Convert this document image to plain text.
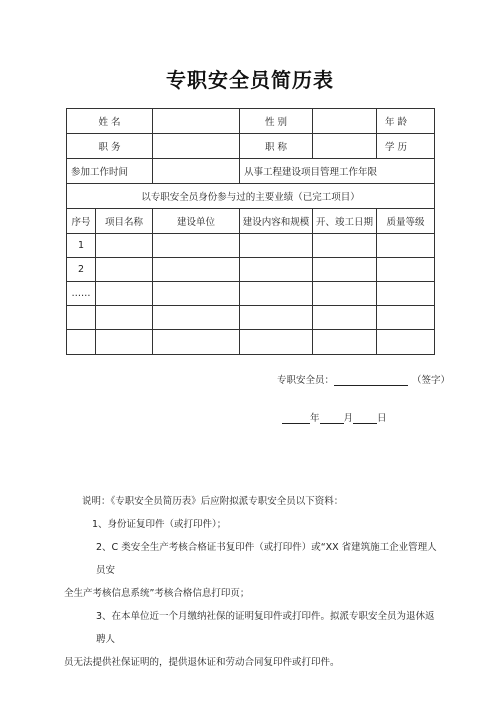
专职安全员简历表
姓 名			性 别		年 龄
职 务			职 称		学 历
参加工作时间			从事工程建设项目管理工作年限		
以专职安全员身份参与过的主要业绩（已完工项目）					
序号	项目名称	建设单位	建设内容和规模	开、竣工日期	质量等级
1					
2					
……					

专职安全员：	（签字）
年	月	日

说明：《专职安全员简历表》后应附拟派专职安全员以下资料：

1、身份证复印件（或打印件）；

2、C 类安全生产考核合格证书复印件（或打印件）或“XX 省建筑施工企业管理人员安

全生产考核信息系统”考核合格信息打印页；

3、在本单位近一个月缴纳社保的证明复印件或打印件。拟派专职安全员为退休返聘人

员无法提供社保证明的，提供退休证和劳动合同复印件或打印件。
